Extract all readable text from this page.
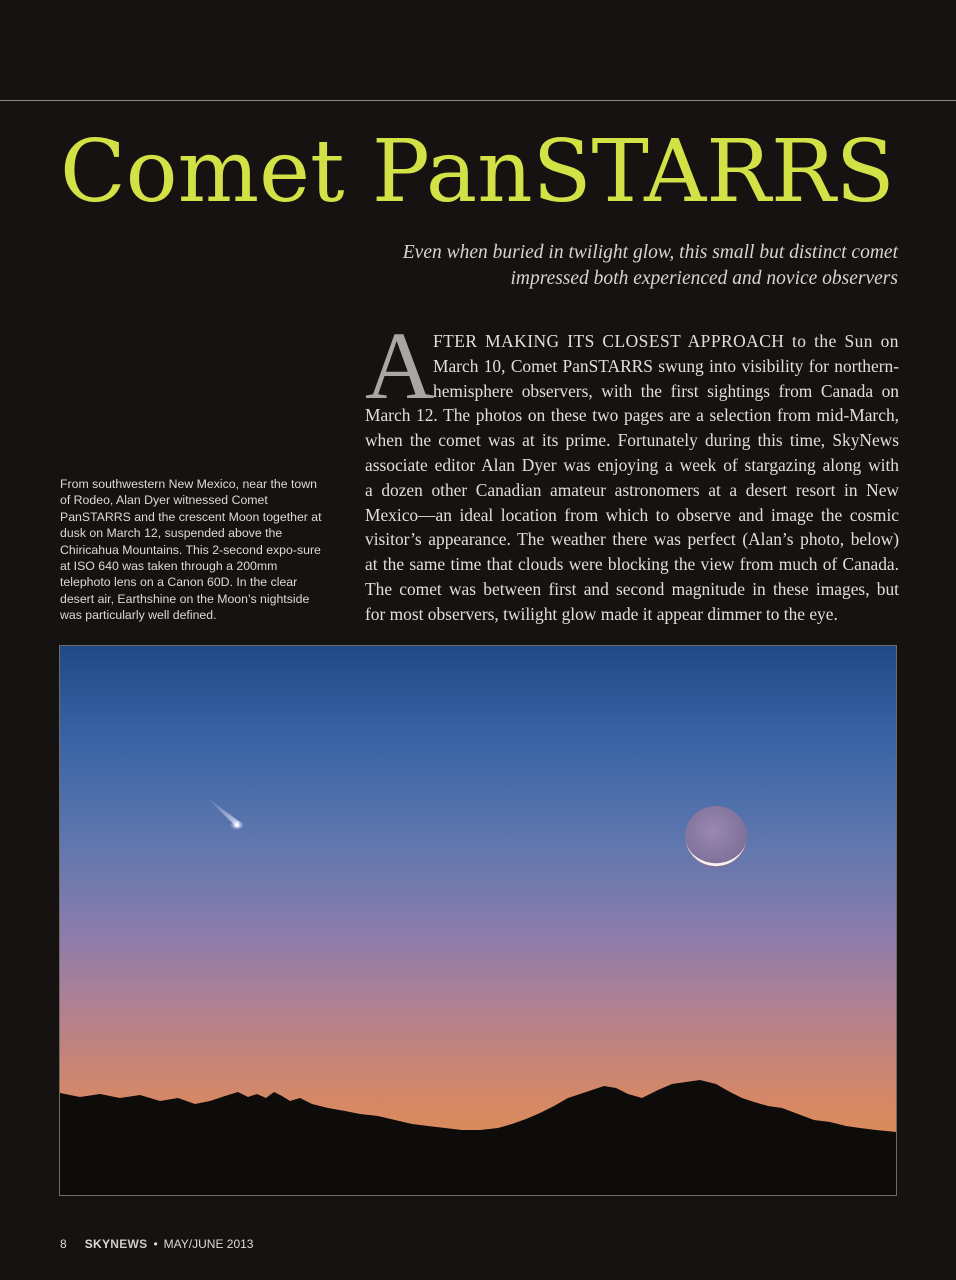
Comet PanSTARRS
Even when buried in twilight glow, this small but distinct comet
impressed both experienced and novice observers
From southwestern New Mexico, near the town of Rodeo, Alan Dyer witnessed Comet PanSTARRS and the crescent Moon together at dusk on March 12, suspended above the Chiricahua Mountains. This 2-second expo-sure at ISO 640 was taken through a 200mm telephoto lens on a Canon 60D. In the clear desert air, Earthshine on the Moon’s nightside was particularly well defined.
A
FTER MAKING ITS CLOSEST APPROACH to the Sun on
March 10, Comet PanSTARRS swung into visibility for northern-
hemisphere observers, with the first sightings from Canada on
March 12. The photos on these two pages are a selection from mid-March,
when the comet was at its prime. Fortunately during this time, SkyNews
associate editor Alan Dyer was enjoying a week of stargazing along with
a dozen other Canadian amateur astronomers at a desert resort in New
Mexico—an ideal location from which to observe and image the cosmic
visitor’s appearance. The weather there was perfect (Alan’s photo, below)
at the same time that clouds were blocking the view from much of Canada.
The comet was between first and second magnitude in these images, but
for most observers, twilight glow made it appear dimmer to the eye.
8 SKYNEWS • MAY/JUNE 2013
